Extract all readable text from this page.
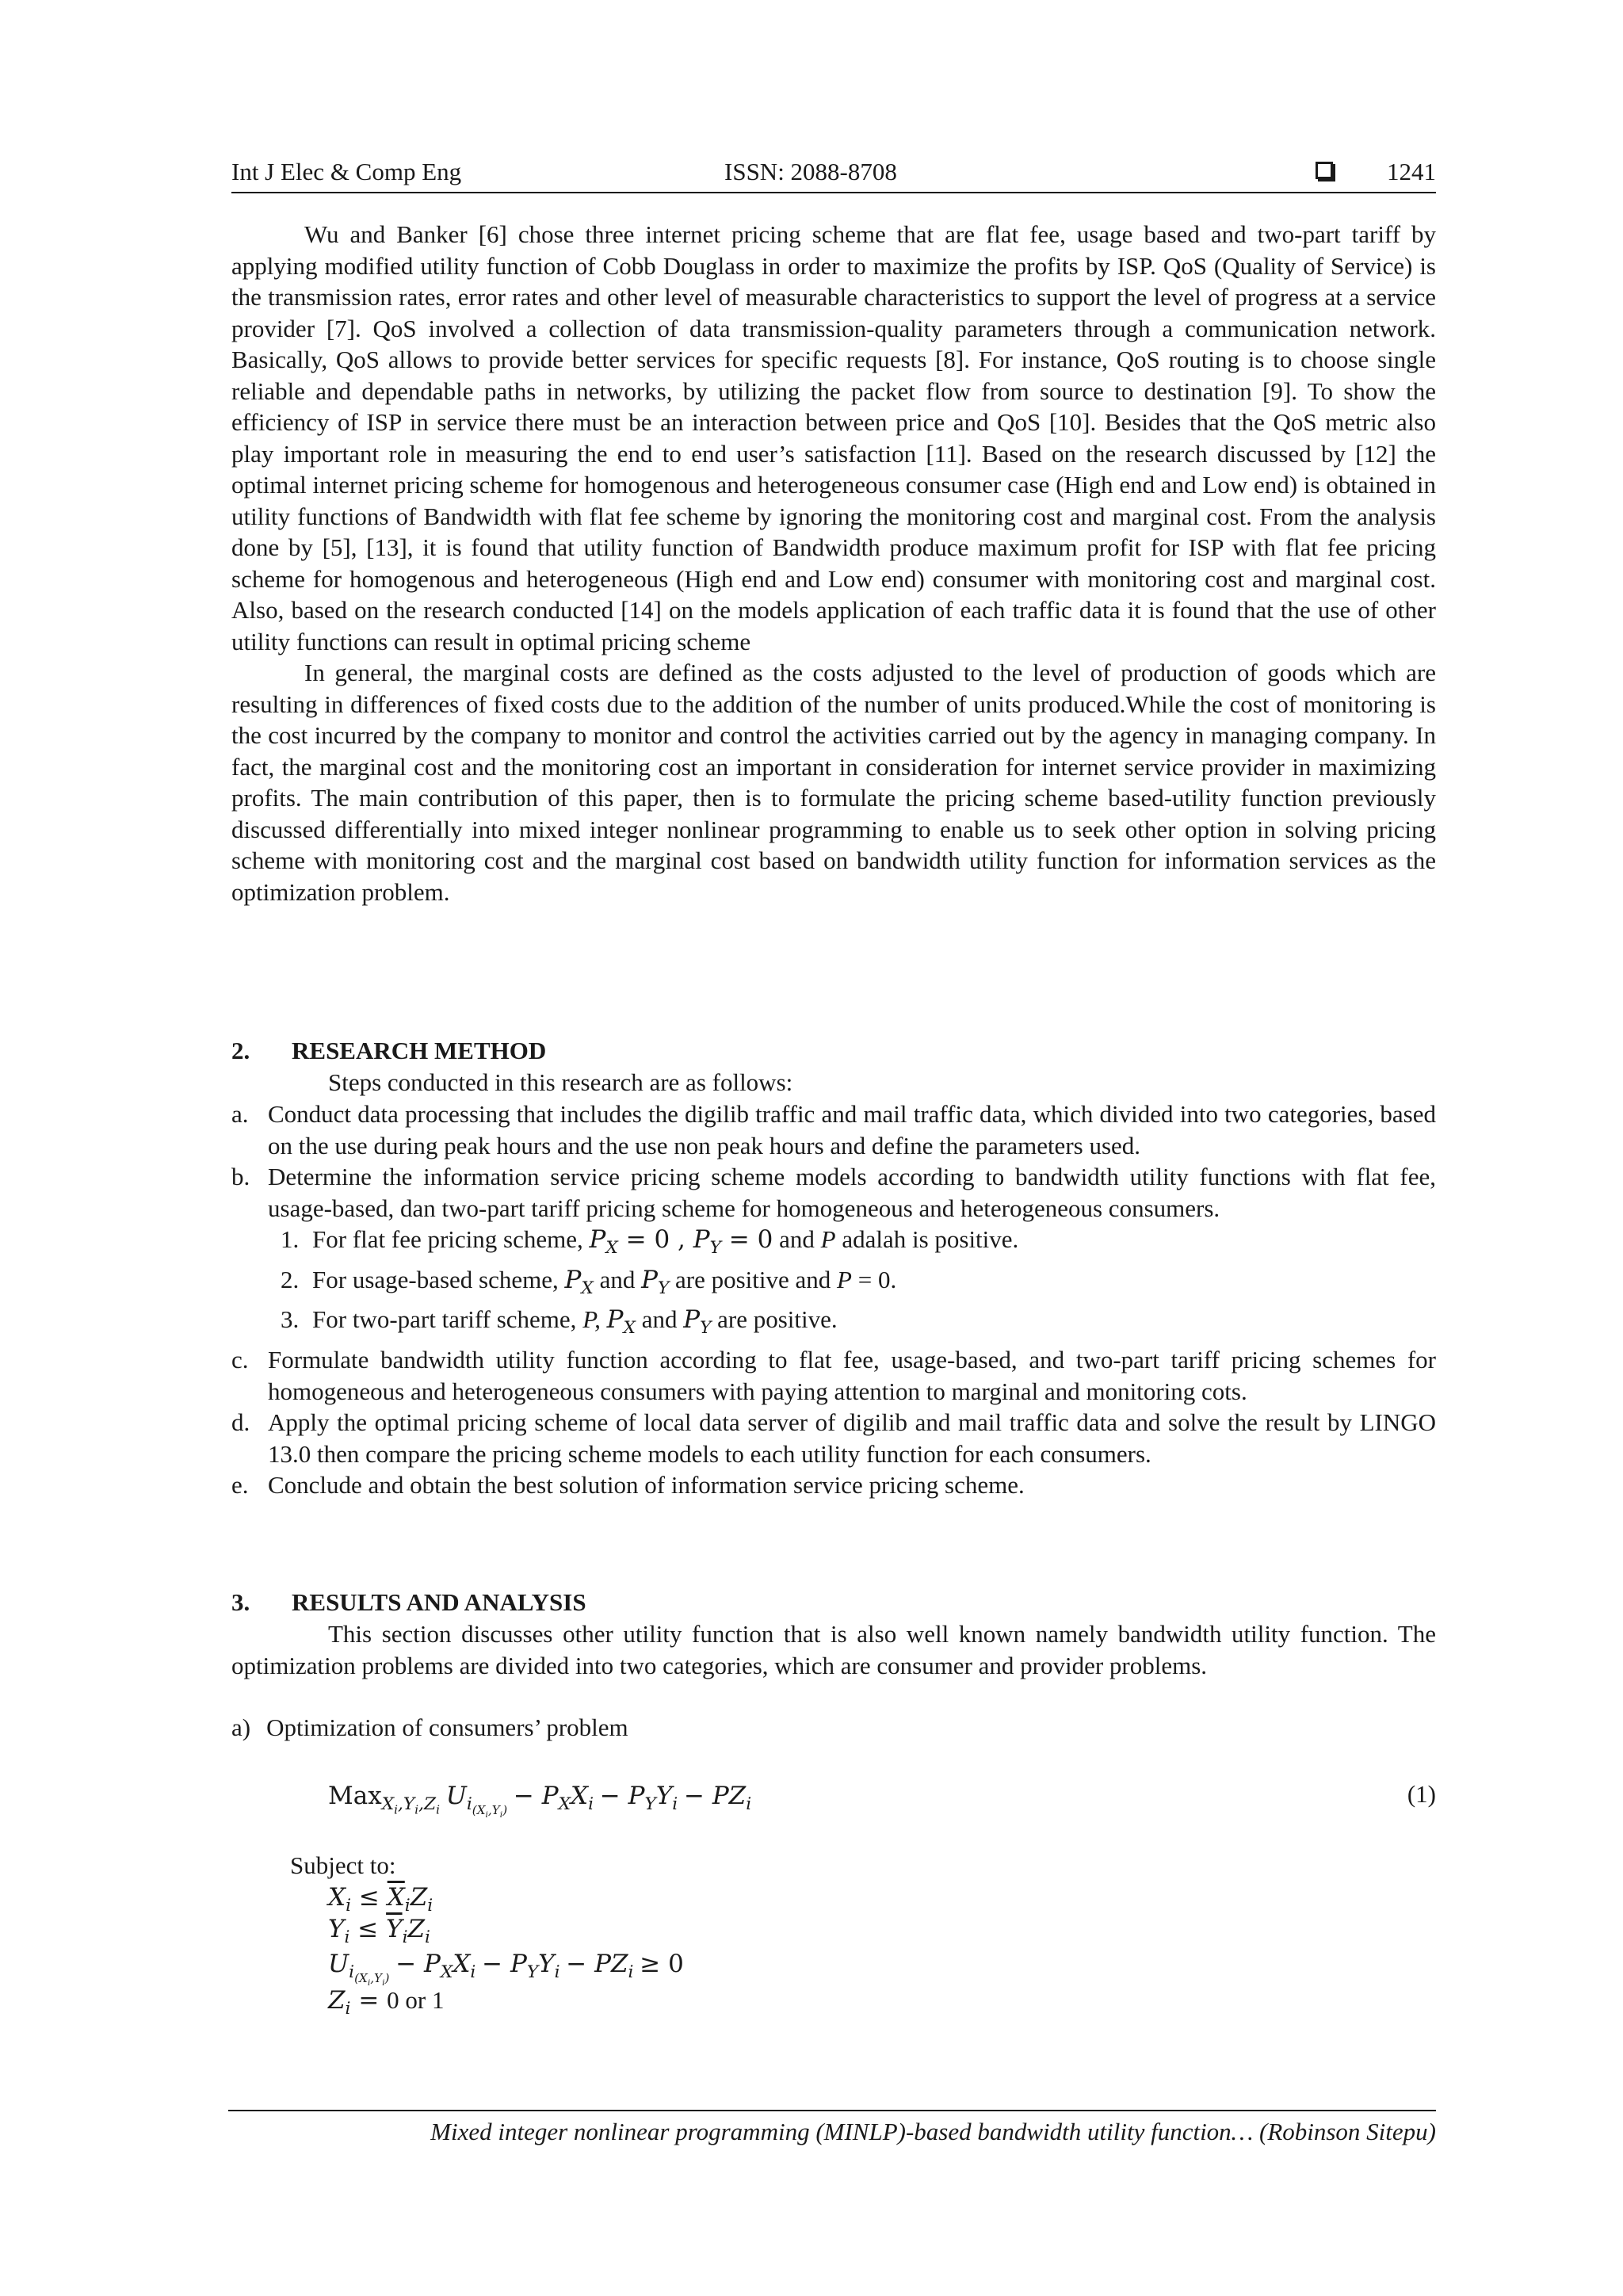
Int J Elec & Comp Eng	ISSN: 2088-8708	1241

Wu and Banker [6] chose three internet pricing scheme that are flat fee, usage based and two-part tariff by applying modified utility function of Cobb Douglass in order to maximize the profits by ISP. QoS (Quality of Service) is the transmission rates, error rates and other level of measurable characteristics to support the level of progress at a service provider [7]. QoS involved a collection of data transmission-quality parameters through a communication network. Basically, QoS allows to provide better services for specific requests [8]. For instance, QoS routing is to choose single reliable and dependable paths in networks, by utilizing the packet flow from source to destination [9]. To show the efficiency of ISP in service there must be an interaction between price and QoS [10]. Besides that the QoS metric also play important role in measuring the end to end user’s satisfaction [11]. Based on the research discussed by [12] the optimal internet pricing scheme for homogenous and heterogeneous consumer case (High end and Low end) is obtained in utility functions of Bandwidth with flat fee scheme by ignoring the monitoring cost and marginal cost. From the analysis done by [5], [13], it is found that utility function of Bandwidth produce maximum profit for ISP with flat fee pricing scheme for homogenous and heterogeneous (High end and Low end) consumer with monitoring cost and marginal cost. Also, based on the research conducted [14] on the models application of each traffic data it is found that the use of other utility functions can result in optimal pricing scheme

In general, the marginal costs are defined as the costs adjusted to the level of production of goods which are resulting in differences of fixed costs due to the addition of the number of units produced.While the cost of monitoring is the cost incurred by the company to monitor and control the activities carried out by the agency in managing company. In fact, the marginal cost and the monitoring cost an important in consideration for internet service provider in maximizing profits. The main contribution of this paper, then is to formulate the pricing scheme based-utility function previously discussed differentially into mixed integer nonlinear programming to enable us to seek other option in solving pricing scheme with monitoring cost and the marginal cost based on bandwidth utility function for information services as the optimization problem.

2. RESEARCH METHOD
Steps conducted in this research are as follows:
a. Conduct data processing that includes the digilib traffic and mail traffic data, which divided into two categories, based on the use during peak hours and the use non peak hours and define the parameters used.
b. Determine the information service pricing scheme models according to bandwidth utility functions with flat fee, usage-based, dan two-part tariff pricing scheme for homogeneous and heterogeneous consumers.
1. For flat fee pricing scheme, $P_X = 0$ , $P_Y = 0$ and P adalah is positive.
2. For usage-based scheme, $P_X$ and $P_Y$ are positive and P = 0.
3. For two-part tariff scheme, P, $P_X$ and $P_Y$ are positive.
c. Formulate bandwidth utility function according to flat fee, usage-based, and two-part tariff pricing schemes for homogeneous and heterogeneous consumers with paying attention to marginal and monitoring cots.
d. Apply the optimal pricing scheme of local data server of digilib and mail traffic data and solve the result by LINGO 13.0 then compare the pricing scheme models to each utility function for each consumers.
e. Conclude and obtain the best solution of information service pricing scheme.
3. RESULTS AND ANALYSIS

This section discusses other utility function that is also well known namely bandwidth utility function. The optimization problems are divided into two categories, which are consumer and provider problems.

a) Optimization of consumers’ problem
Max$_{X_i,Y_i,Z_i}$ $U_{i_{(X_i,Y_i)}} - P_XX_i - P_YY_i - PZ_i$	(1)
Subject to:
$X_i \le \overline{X}_iZ_i$
$Y_i \le \overline{Y}_iZ_i$
$U_{i_{(X_i,Y_i)}} - P_XX_i - P_YY_i - PZ_i \ge 0$
$Z_i = 0$ or 1
Mixed integer nonlinear programming (MINLP)-based bandwidth utility function… (Robinson Sitepu)
